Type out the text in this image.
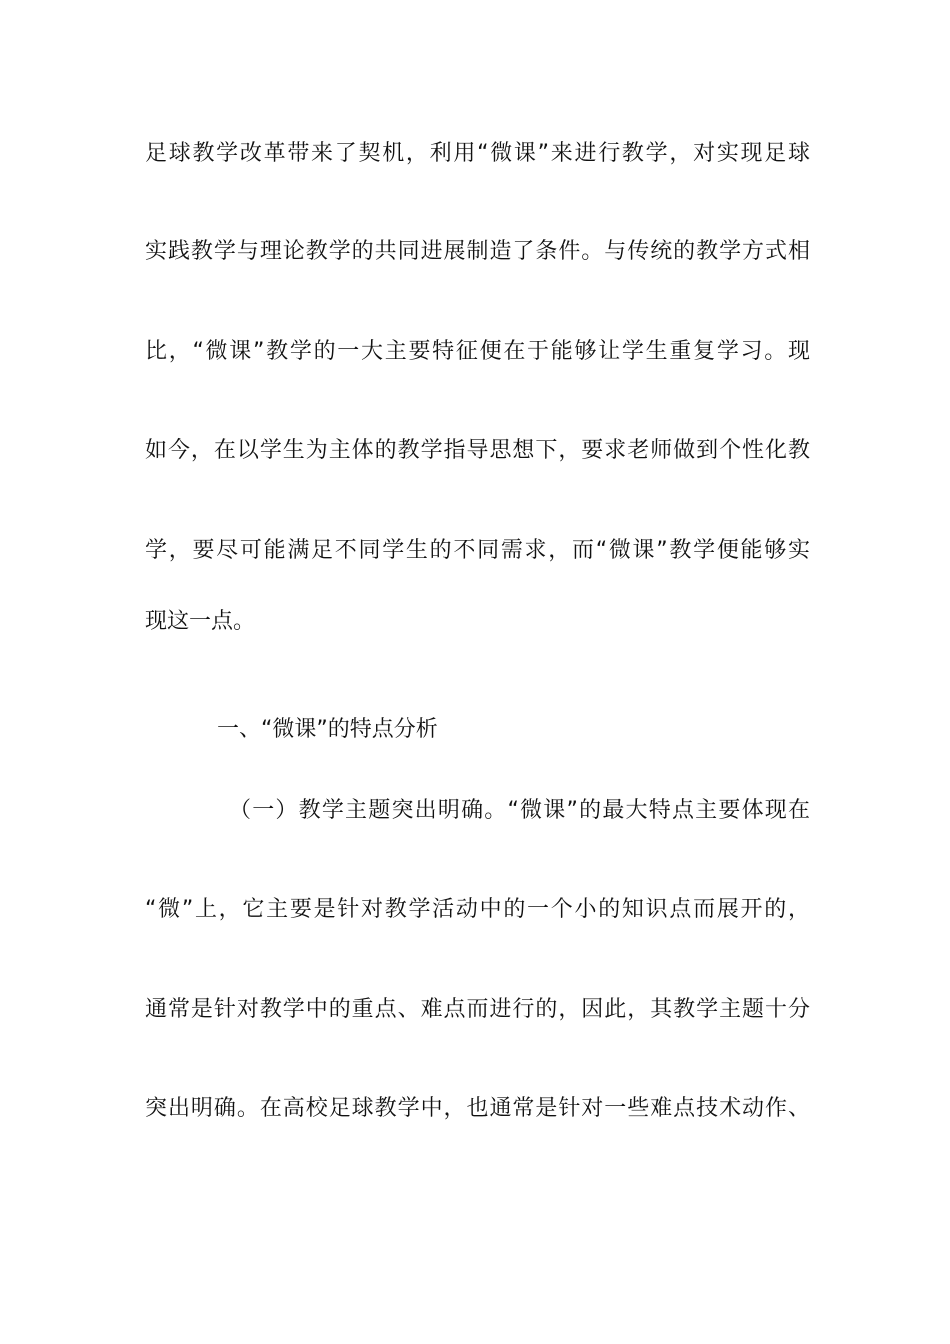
足球教学改革带来了契机，利用“微课”来进行教学，对实现足球
实践教学与理论教学的共同进展制造了条件。与传统的教学方式相
比，“微课”教学的一大主要特征便在于能够让学生重复学习。现
如今，在以学生为主体的教学指导思想下，要求老师做到个性化教
学，要尽可能满足不同学生的不同需求，而“微课”教学便能够实
现这一点。
一、“微课”的特点分析
（一）教学主题突出明确。“微课”的最大特点主要体现在
“微”上，它主要是针对教学活动中的一个小的知识点而展开的，
通常是针对教学中的重点、难点而进行的，因此，其教学主题十分
突出明确。在高校足球教学中，也通常是针对一些难点技术动作、
